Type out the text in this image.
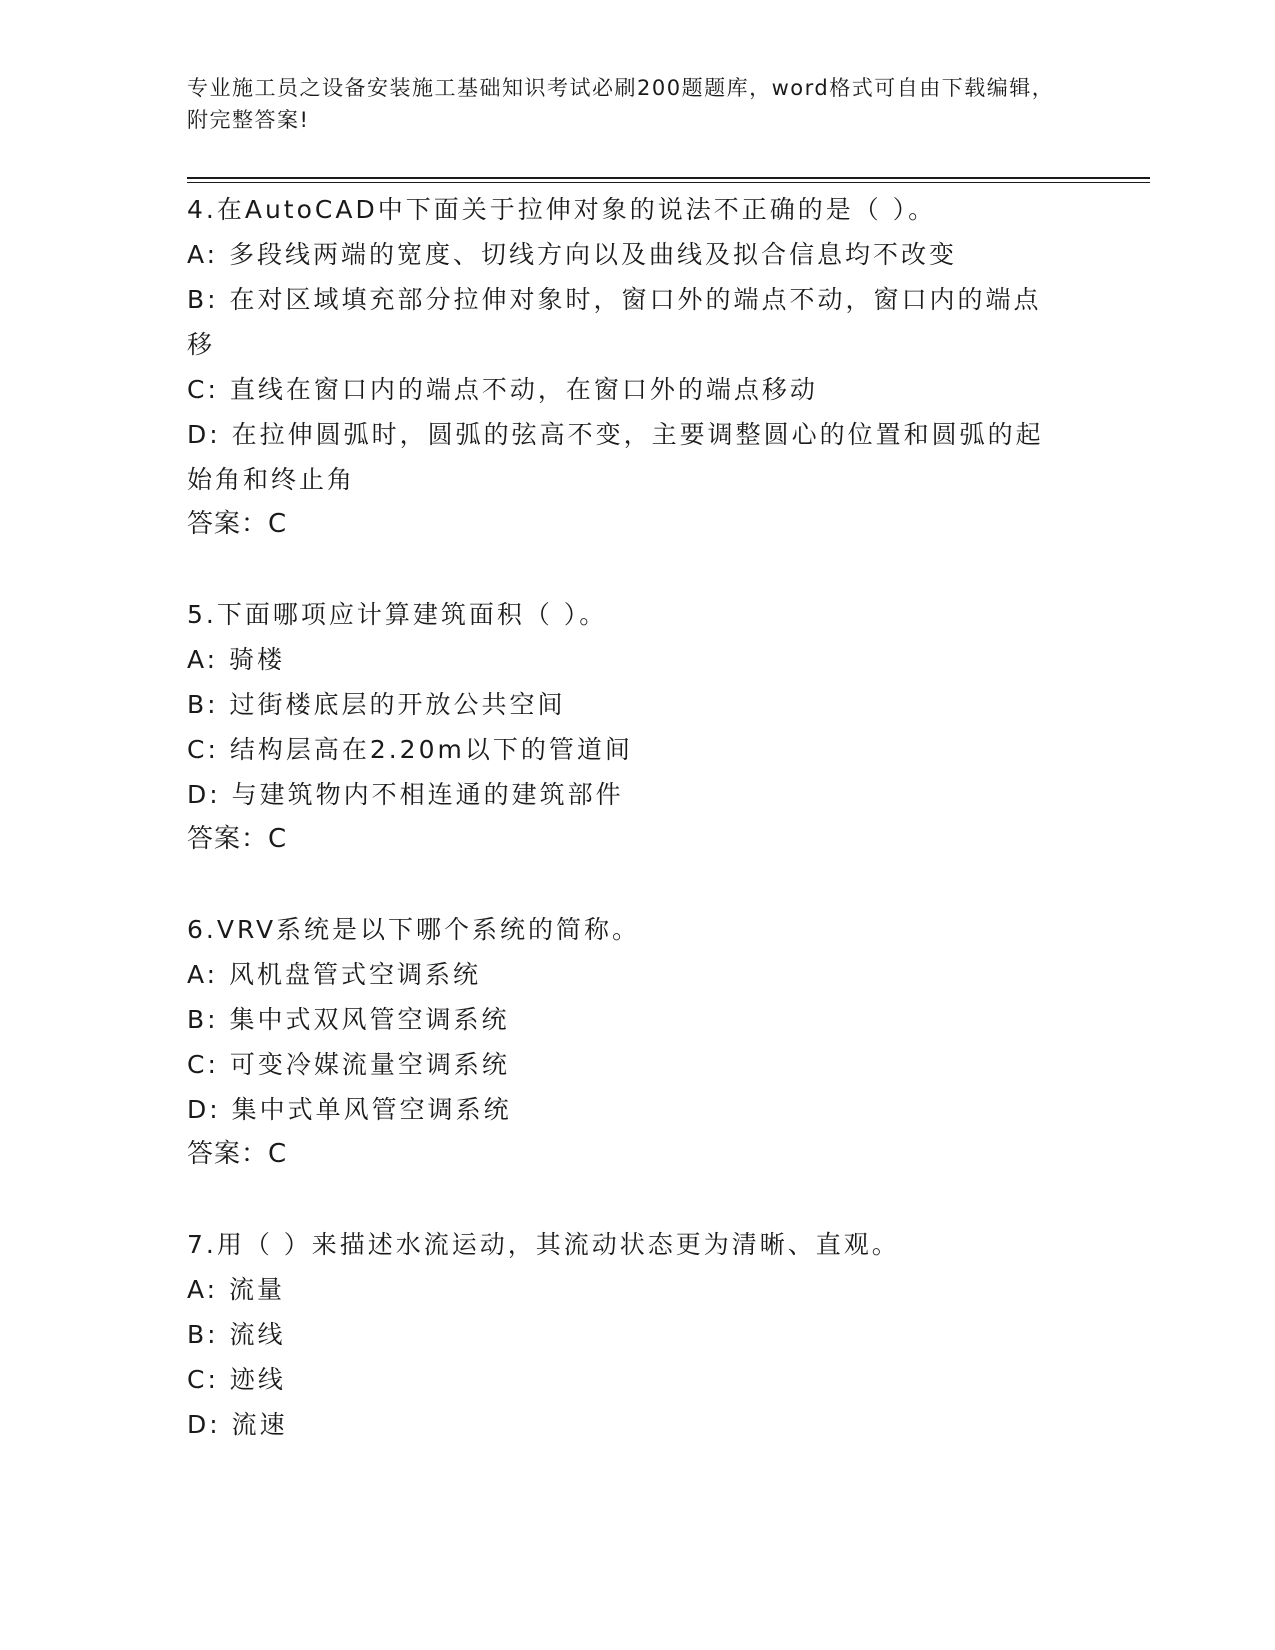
专业施工员之设备安装施工基础知识考试必刷200题题库，word格式可自由下载编辑，附完整答案!
4.在AutoCAD中下面关于拉伸对象的说法不正确的是（ ）。
A: 多段线两端的宽度、切线方向以及曲线及拟合信息均不改变
B: 在对区域填充部分拉伸对象时，窗口外的端点不动，窗口内的端点移
C: 直线在窗口内的端点不动，在窗口外的端点移动
D: 在拉伸圆弧时，圆弧的弦高不变，主要调整圆心的位置和圆弧的起始角和终止角
答案：C
5.下面哪项应计算建筑面积（ ）。
A: 骑楼
B: 过街楼底层的开放公共空间
C: 结构层高在2.20m以下的管道间
D: 与建筑物内不相连通的建筑部件
答案：C
6.VRV系统是以下哪个系统的简称。
A: 风机盘管式空调系统
B: 集中式双风管空调系统
C: 可变冷媒流量空调系统
D: 集中式单风管空调系统
答案：C
7.用（ ）来描述水流运动，其流动状态更为清晰、直观。
A: 流量
B: 流线
C: 迹线
D: 流速
